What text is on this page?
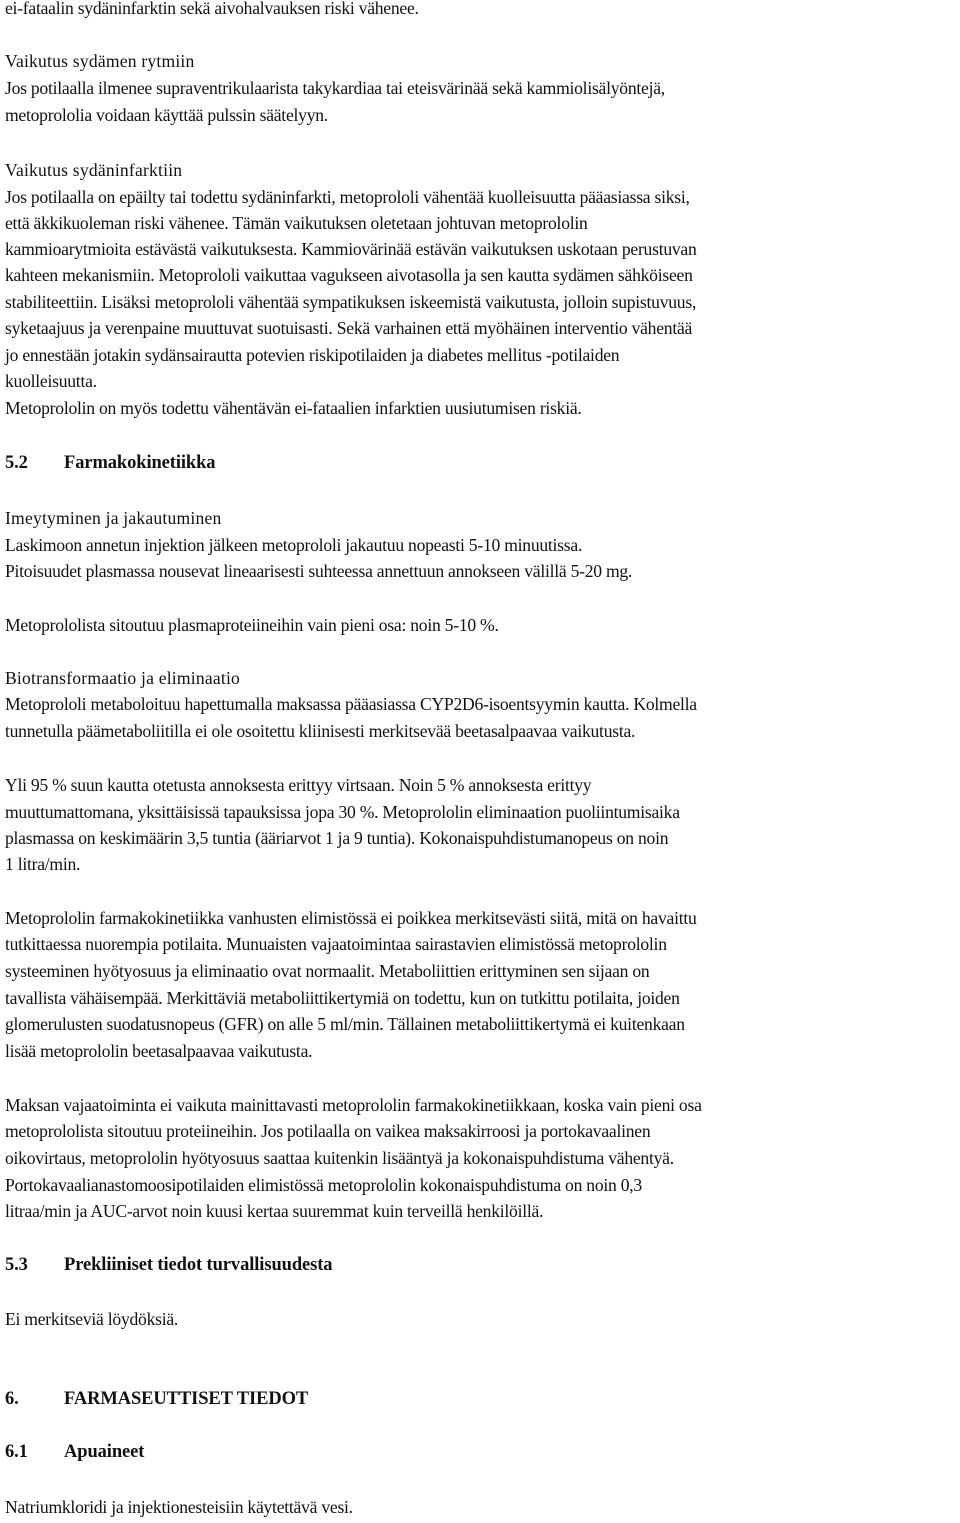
ei-fataalin sydäninfarktin sekä aivohalvauksen riski vähenee.
Vaikutus sydämen rytmiin
Jos potilaalla ilmenee supraventrikulaarista takykardiaa tai eteisvärinää sekä kammiolisälyöntejä,
metoprololia voidaan käyttää pulssin säätelyyn.
Vaikutus sydäninfarktiin
Jos potilaalla on epäilty tai todettu sydäninfarkti, metoprololi vähentää kuolleisuutta pääasiassa siksi,
että äkkikuoleman riski vähenee. Tämän vaikutuksen oletetaan johtuvan metoprololin
kammioarytmioita estävästä vaikutuksesta. Kammiovärinää estävän vaikutuksen uskotaan perustuvan
kahteen mekanismiin. Metoprololi vaikuttaa vagukseen aivotasolla ja sen kautta sydämen sähköiseen
stabiliteettiin. Lisäksi metoprololi vähentää sympatikuksen iskeemistä vaikutusta, jolloin supistuvuus,
syketaajuus ja verenpaine muuttuvat suotuisasti. Sekä varhainen että myöhäinen interventio vähentää
jo ennestään jotakin sydänsairautta potevien riskipotilaiden ja diabetes mellitus -potilaiden
kuolleisuutta.
Metoprololin on myös todettu vähentävän ei-fataalien infarktien uusiutumisen riskiä.
5.2 Farmakokinetiikka
Imeytyminen ja jakautuminen
Laskimoon annetun injektion jälkeen metoprololi jakautuu nopeasti 5-10 minuutissa.
Pitoisuudet plasmassa nousevat lineaarisesti suhteessa annettuun annokseen välillä 5-20 mg.
Metoprololista sitoutuu plasmaproteiineihin vain pieni osa: noin 5-10 %.
Biotransformaatio ja eliminaatio
Metoprololi metaboloituu hapettumalla maksassa pääasiassa CYP2D6-isoentsyymin kautta. Kolmella
tunnetulla päämetaboliitilla ei ole osoitettu kliinisesti merkitsevää beetasalpaavaa vaikutusta.
Yli 95 % suun kautta otetusta annoksesta erittyy virtsaan. Noin 5 % annoksesta erittyy
muuttumattomana, yksittäisissä tapauksissa jopa 30 %. Metoprololin eliminaation puoliintumisaika
plasmassa on keskimäärin 3,5 tuntia (ääriarvot 1 ja 9 tuntia). Kokonaispuhdistumanopeus on noin
1 litra/min.
Metoprololin farmakokinetiikka vanhusten elimistössä ei poikkea merkitsevästi siitä, mitä on havaittu
tutkittaessa nuorempia potilaita. Munuaisten vajaatoimintaa sairastavien elimistössä metoprololin
systeeminen hyötyosuus ja eliminaatio ovat normaalit. Metaboliittien erittyminen sen sijaan on
tavallista vähäisempää. Merkittäviä metaboliittikertymiä on todettu, kun on tutkittu potilaita, joiden
glomerulusten suodatusnopeus (GFR) on alle 5 ml/min. Tällainen metaboliittikertymä ei kuitenkaan
lisää metoprololin beetasalpaavaa vaikutusta.
Maksan vajaatoiminta ei vaikuta mainittavasti metoprololin farmakokinetiikkaan, koska vain pieni osa
metoprololista sitoutuu proteiineihin. Jos potilaalla on vaikea maksakirroosi ja portokavaalinen
oikovirtaus, metoprololin hyötyosuus saattaa kuitenkin lisääntyä ja kokonaispuhdistuma vähentyä.
Portokavaalianastomoosipotilaiden elimistössä metoprololin kokonaispuhdistuma on noin 0,3
litraa/min ja AUC-arvot noin kuusi kertaa suuremmat kuin terveillä henkilöillä.
5.3 Prekliiniset tiedot turvallisuudesta
Ei merkitseviä löydöksiä.
6. FARMASEUTTISET TIEDOT
6.1 Apuaineet
Natriumkloridi ja injektionesteisiin käytettävä vesi.
